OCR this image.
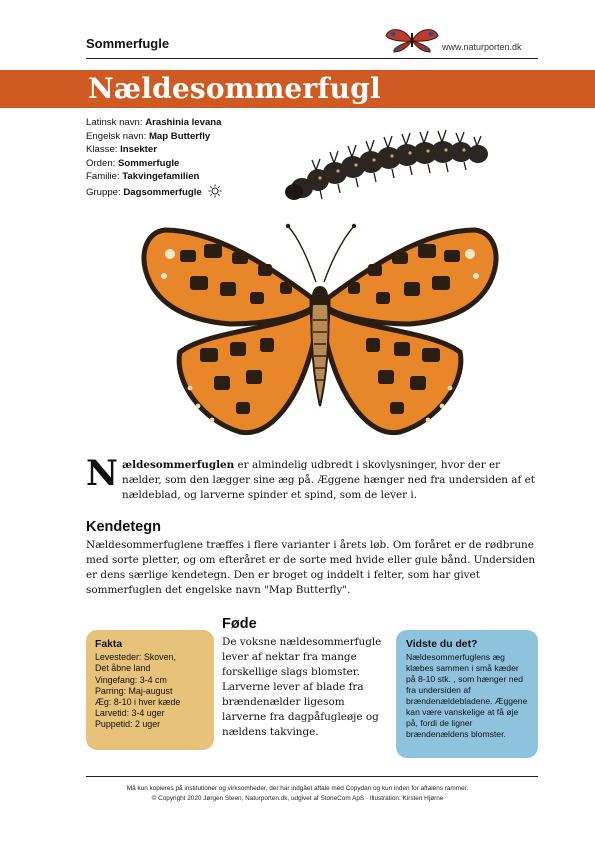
Sommerfugle	www.naturporten.dk
Nældesommerfugl
Latinsk navn: Arashinia levana
Engelsk navn: Map Butterfly
Klasse: Insekter
Orden: Sommerfugle
Familie: Takvingefamilien
Gruppe: Dagsommerfugle
Nældesommerfuglen er almindelig udbredt i skovlysninger, hvor der er nælder, som den lægger sine æg på. Æggene hænger ned fra undersiden af et nældeblad, og larverne spinder et spind, som de lever i.
Kendetegn
Nældesommerfuglene træffes i flere varianter i årets løb. Om foråret er de rødbrune med sorte pletter, og om efteråret er de sorte med hvide eller gule bånd. Undersiden er dens særlige kendetegn. Den er broget og inddelt i felter, som har givet sommerfuglen det engelske navn "Map Butterfly".
Fakta
Levesteder: Skoven,
Det åbne land
Vingefang: 3-4 cm
Parring: Maj-august
Æg: 8-10 i hver kæde
Larvetid: 3-4 uger
Puppetid: 2 uger
Føde
De voksne nældesommerfugle lever af nektar fra mange forskellige slags blomster. Larverne lever af blade fra brændenælder ligesom larverne fra dagpåfugleøje og nældens takvinge.
Vidste du det?
Nældesommerfuglens æg klæbes sammen i små kæder på 8-10 stk. , som hænger ned fra undersiden af brændenældebladene. Æggene kan være vanskelige at få øje på, fordi de ligner brændenældens blomster.
Må kun kopieres på institutioner og virksomheder, der har indgået aftale med Copydan og kun inden for aftalens rammer.
© Copyright 2020 Jørgen Steen, Naturporten.dk, udgivet af StoneCom ApS · Illustration: Kirsten Hjørne
